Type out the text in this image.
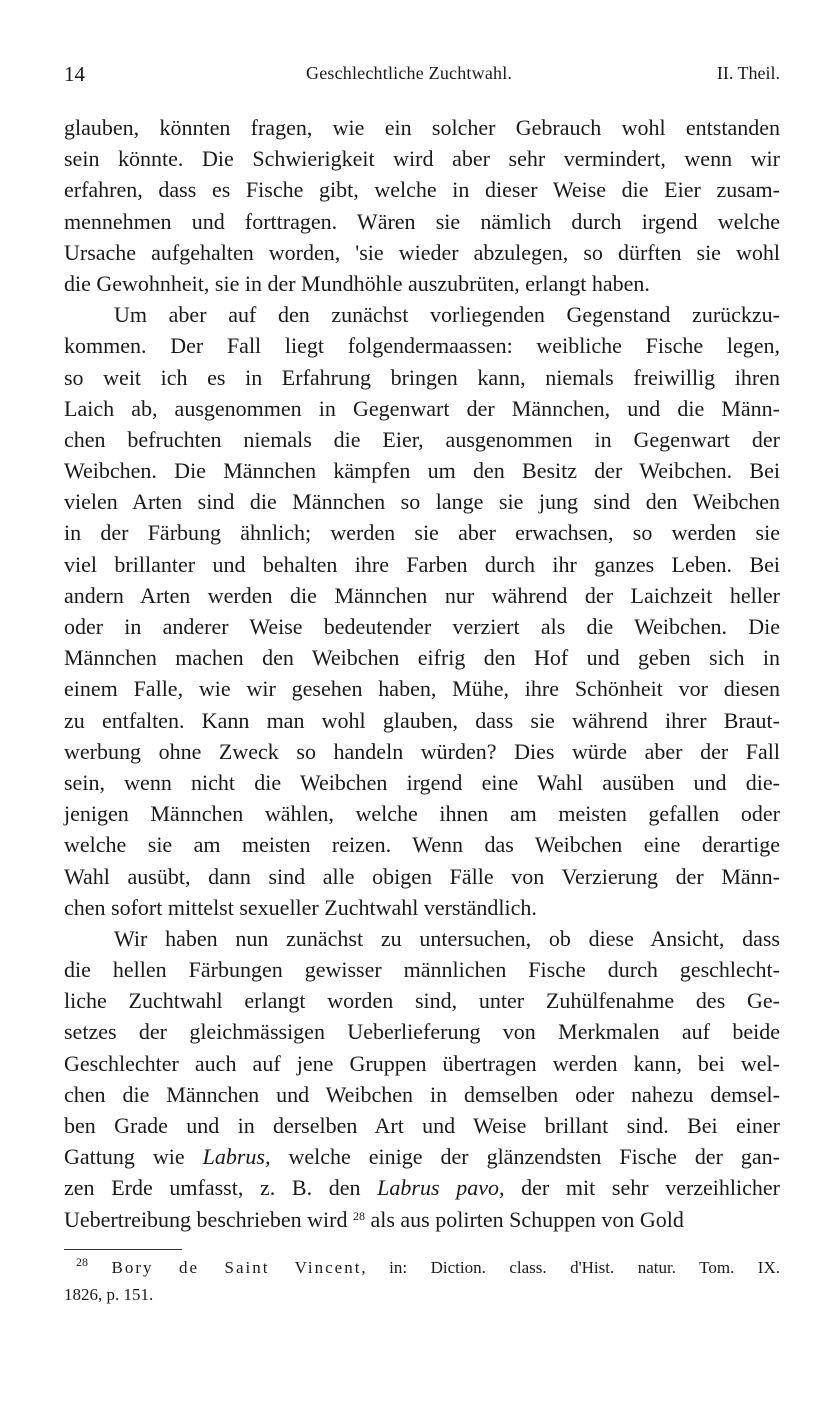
14	Geschlechtliche Zuchtwahl.	II. Theil.
glauben, könnten fragen, wie ein solcher Gebrauch wohl entstanden
sein könnte. Die Schwierigkeit wird aber sehr vermindert, wenn wir
erfahren, dass es Fische gibt, welche in dieser Weise die Eier zusam-
mennehmen und forttragen. Wären sie nämlich durch irgend welche
Ursache aufgehalten worden, 'sie wieder abzulegen, so dürften sie wohl
die Gewohnheit, sie in der Mundhöhle auszubrüten, erlangt haben.
Um aber auf den zunächst vorliegenden Gegenstand zurückzu-
kommen. Der Fall liegt folgendermaassen: weibliche Fische legen,
so weit ich es in Erfahrung bringen kann, niemals freiwillig ihren
Laich ab, ausgenommen in Gegenwart der Männchen, und die Männ-
chen befruchten niemals die Eier, ausgenommen in Gegenwart der
Weibchen. Die Männchen kämpfen um den Besitz der Weibchen. Bei
vielen Arten sind die Männchen so lange sie jung sind den Weibchen
in der Färbung ähnlich; werden sie aber erwachsen, so werden sie
viel brillanter und behalten ihre Farben durch ihr ganzes Leben. Bei
andern Arten werden die Männchen nur während der Laichzeit heller
oder in anderer Weise bedeutender verziert als die Weibchen. Die
Männchen machen den Weibchen eifrig den Hof und geben sich in
einem Falle, wie wir gesehen haben, Mühe, ihre Schönheit vor diesen
zu entfalten. Kann man wohl glauben, dass sie während ihrer Braut-
werbung ohne Zweck so handeln würden? Dies würde aber der Fall
sein, wenn nicht die Weibchen irgend eine Wahl ausüben und die-
jenigen Männchen wählen, welche ihnen am meisten gefallen oder
welche sie am meisten reizen. Wenn das Weibchen eine derartige
Wahl ausübt, dann sind alle obigen Fälle von Verzierung der Männ-
chen sofort mittelst sexueller Zuchtwahl verständlich.
Wir haben nun zunächst zu untersuchen, ob diese Ansicht, dass
die hellen Färbungen gewisser männlichen Fische durch geschlecht-
liche Zuchtwahl erlangt worden sind, unter Zuhülfenahme des Ge-
setzes der gleichmässigen Ueberlieferung von Merkmalen auf beide
Geschlechter auch auf jene Gruppen übertragen werden kann, bei wel-
chen die Männchen und Weibchen in demselben oder nahezu demsel-
ben Grade und in derselben Art und Weise brillant sind. Bei einer
Gattung wie Labrus, welche einige der glänzendsten Fische der gan-
zen Erde umfasst, z. B. den Labrus pavo, der mit sehr verzeihlicher
Uebertreibung beschrieben wird $^{28}$ als aus polirten Schuppen von Gold
$^{28}$ Bory de Saint Vincent, in: Diction. class. d'Hist. natur. Tom. IX.
1826, p. 151.
